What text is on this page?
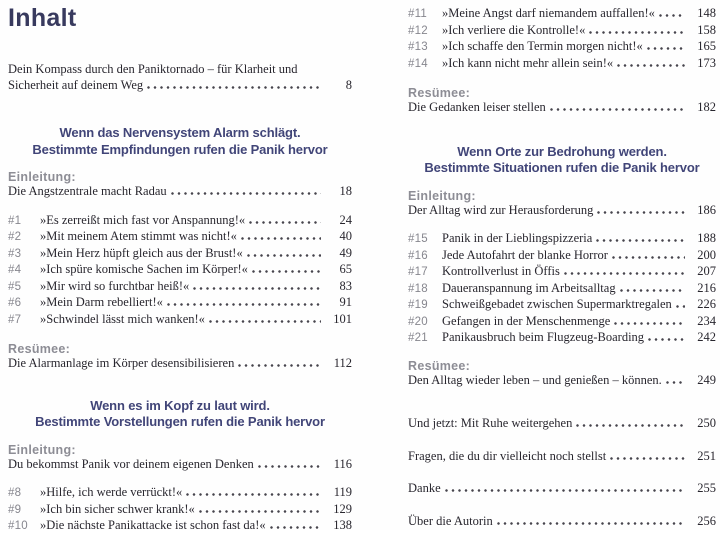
Inhalt
Dein Kompass durch den Paniktornado – für Klarheit und
Sicherheit auf deinem Weg	8
Wenn das Nervensystem Alarm schlägt.
Bestimmte Empfindungen rufen die Panik hervor
Einleitung:
Die Angstzentrale macht Radau	18
#1	»Es zerreißt mich fast vor Anspannung!«	24
#2	»Mit meinem Atem stimmt was nicht!«	40
#3	»Mein Herz hüpft gleich aus der Brust!«	49
#4	»Ich spüre komische Sachen im Körper!«	65
#5	»Mir wird so furchtbar heiß!«	83
#6	»Mein Darm rebelliert!«	91
#7	»Schwindel lässt mich wanken!«	101
Resümee:
Die Alarmanlage im Körper desensibilisieren	112
Wenn es im Kopf zu laut wird.
Bestimmte Vorstellungen rufen die Panik hervor
Einleitung:
Du bekommst Panik vor deinem eigenen Denken	116
#8	»Hilfe, ich werde verrückt!«	119
#9	»Ich bin sicher schwer krank!«	129
#10 »Die nächste Panikattacke ist schon fast da!«	138
#11	»Meine Angst darf niemandem auffallen!«	148
#12	»Ich verliere die Kontrolle!«	158
#13	»Ich schaffe den Termin morgen nicht!«	165
#14	»Ich kann nicht mehr allein sein!«	173
Resümee:
Die Gedanken leiser stellen	182
Wenn Orte zur Bedrohung werden.
Bestimmte Situationen rufen die Panik hervor
Einleitung:
Der Alltag wird zur Herausforderung	186
#15	Panik in der Lieblingspizzeria	188
#16	Jede Autofahrt der blanke Horror	200
#17	Kontrollverlust in Öffis	207
#18	Daueranspannung im Arbeitsalltag	216
#19	Schweißgebadet zwischen Supermarktregalen	226
#20	Gefangen in der Menschenmenge	234
#21	Panikausbruch beim Flugzeug-Boarding	242
Resümee:
Den Alltag wieder leben – und genießen – können.	249
Und jetzt: Mit Ruhe weitergehen	250
Fragen, die du dir vielleicht noch stellst	251
Danke	255
Über die Autorin	256
